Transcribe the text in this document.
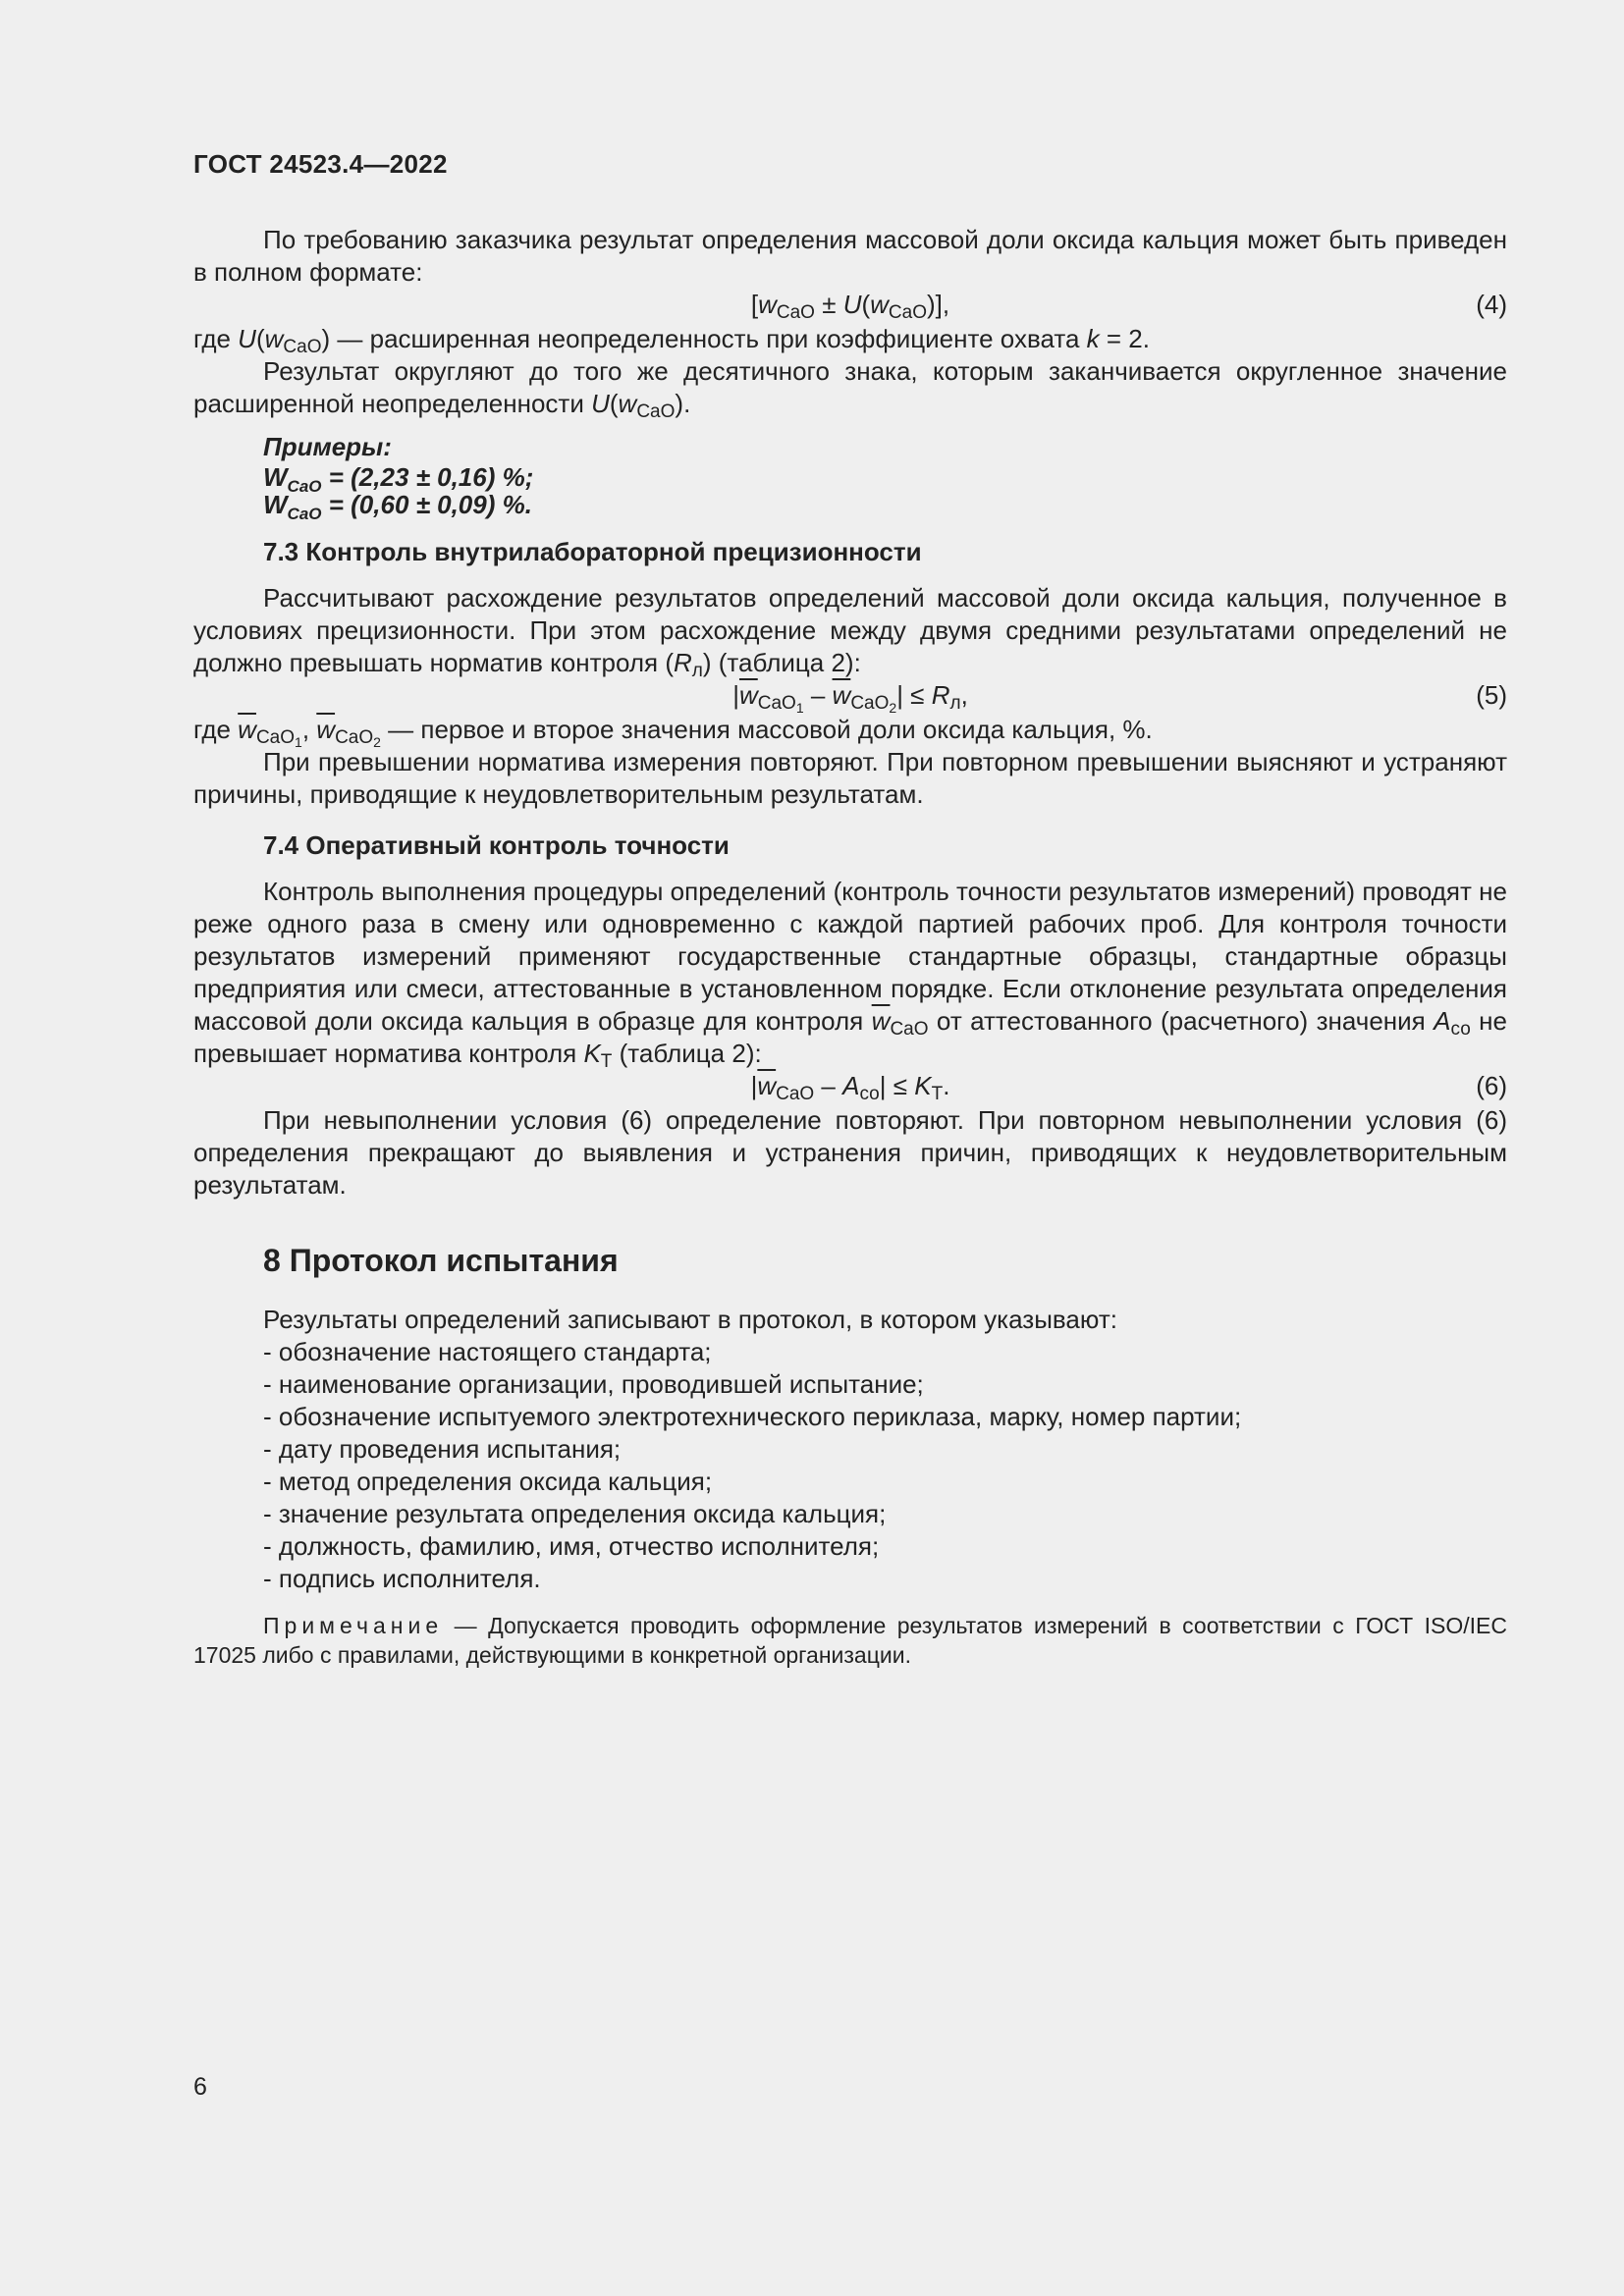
ГОСТ 24523.4—2022

По требованию заказчика результат определения массовой доли оксида кальция может быть приведен в полном формате:

$[w_{CaO} \pm U(w_{CaO})]$,	(4)

где $U(w_{CaO})$ — расширенная неопределенность при коэффициенте охвата k = 2.

Результат округляют до того же десятичного знака, которым заканчивается округленное значение расширенной неопределенности $U(w_{CaO})$.

Примеры:
$W_{CaO} = (2,23 \pm 0,16)$ %;
$W_{CaO} = (0,60 \pm 0,09)$ %.

7.3 Контроль внутрилабораторной прецизионности

Рассчитывают расхождение результатов определений массовой доли оксида кальция, полученное в условиях прецизионности. При этом расхождение между двумя средними результатами определений не должно превышать норматив контроля $(R_л)$ (таблица 2):

$|\overline{w}_{CaO_1} - \overline{w}_{CaO_2}| \le R_л$,	(5)

где $\overline{w}_{CaO_1}$, $\overline{w}_{CaO_2}$ — первое и второе значения массовой доли оксида кальция, %.

При превышении норматива измерения повторяют. При повторном превышении выясняют и устраняют причины, приводящие к неудовлетворительным результатам.

7.4 Оперативный контроль точности

Контроль выполнения процедуры определений (контроль точности результатов измерений) проводят не реже одного раза в смену или одновременно с каждой партией рабочих проб. Для контроля точности результатов измерений применяют государственные стандартные образцы, стандартные образцы предприятия или смеси, аттестованные в установленном порядке. Если отклонение результата определения массовой доли оксида кальция в образце для контроля $\overline{w}_{CaO}$ от аттестованного (расчетного) значения $A_{со}$ не превышает норматива контроля $K_Т$ (таблица 2):

$|\overline{w}_{CaO} - A_{со}| \le K_Т$.	(6)

При невыполнении условия (6) определение повторяют. При повторном невыполнении условия (6) определения прекращают до выявления и устранения причин, приводящих к неудовлетворительным результатам.

8 Протокол испытания

Результаты определений записывают в протокол, в котором указывают:

- обозначение настоящего стандарта;
- наименование организации, проводившей испытание;
- обозначение испытуемого электротехнического периклаза, марку, номер партии;
- дату проведения испытания;
- метод определения оксида кальция;
- значение результата определения оксида кальция;
- должность, фамилию, имя, отчество исполнителя;
- подпись исполнителя.

Примечание — Допускается проводить оформление результатов измерений в соответствии с ГОСТ ISO/IEC 17025 либо с правилами, действующими в конкретной организации.

6
